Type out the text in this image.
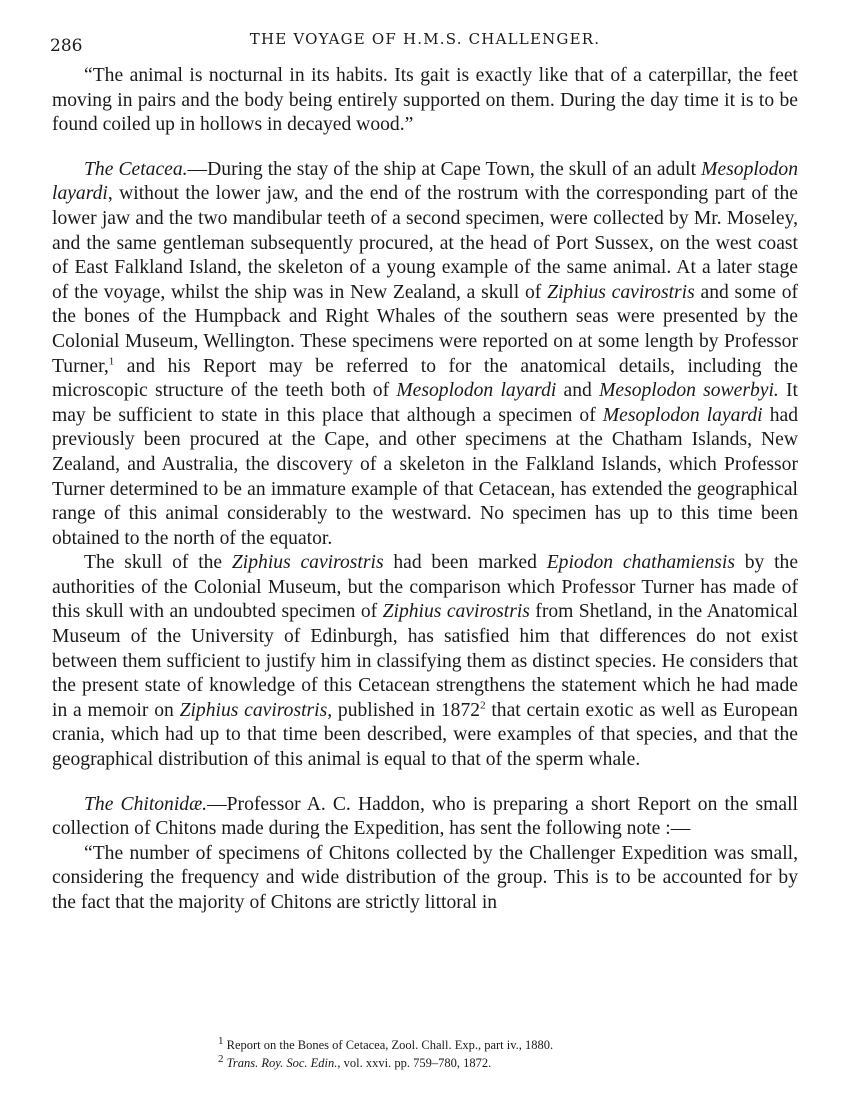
286	THE VOYAGE OF H.M.S. CHALLENGER.

“The animal is nocturnal in its habits. Its gait is exactly like that of a caterpillar, the feet moving in pairs and the body being entirely supported on them. During the day time it is to be found coiled up in hollows in decayed wood.”

The Cetacea.—During the stay of the ship at Cape Town, the skull of an adult Mesoplodon layardi, without the lower jaw, and the end of the rostrum with the corresponding part of the lower jaw and the two mandibular teeth of a second specimen, were collected by Mr. Moseley, and the same gentleman subsequently procured, at the head of Port Sussex, on the west coast of East Falkland Island, the skeleton of a young example of the same animal. At a later stage of the voyage, whilst the ship was in New Zealand, a skull of Ziphius cavirostris and some of the bones of the Humpback and Right Whales of the southern seas were presented by the Colonial Museum, Wellington. These specimens were reported on at some length by Professor Turner,$^1$ and his Report may be referred to for the anatomical details, including the microscopic structure of the teeth both of Mesoplodon layardi and Mesoplodon sowerbyi. It may be sufficient to state in this place that although a specimen of Mesoplodon layardi had previously been procured at the Cape, and other specimens at the Chatham Islands, New Zealand, and Australia, the discovery of a skeleton in the Falkland Islands, which Professor Turner determined to be an immature example of that Cetacean, has extended the geographical range of this animal considerably to the westward. No specimen has up to this time been obtained to the north of the equator.

The skull of the Ziphius cavirostris had been marked Epiodon chathamiensis by the authorities of the Colonial Museum, but the comparison which Professor Turner has made of this skull with an undoubted specimen of Ziphius cavirostris from Shetland, in the Anatomical Museum of the University of Edinburgh, has satisfied him that differences do not exist between them sufficient to justify him in classifying them as distinct species. He considers that the present state of knowledge of this Cetacean strengthens the statement which he had made in a memoir on Ziphius cavirostris, published in 1872$^2$ that certain exotic as well as European crania, which had up to that time been described, were examples of that species, and that the geographical distribution of this animal is equal to that of the sperm whale.

The Chitonidæ.—Professor A. C. Haddon, who is preparing a short Report on the small collection of Chitons made during the Expedition, has sent the following note :—

“The number of specimens of Chitons collected by the Challenger Expedition was small, considering the frequency and wide distribution of the group. This is to be accounted for by the fact that the majority of Chitons are strictly littoral in

$^1$ Report on the Bones of Cetacea, Zool. Chall. Exp., part iv., 1880.

$^2$ Trans. Roy. Soc. Edin., vol. xxvi. pp. 759–780, 1872.
